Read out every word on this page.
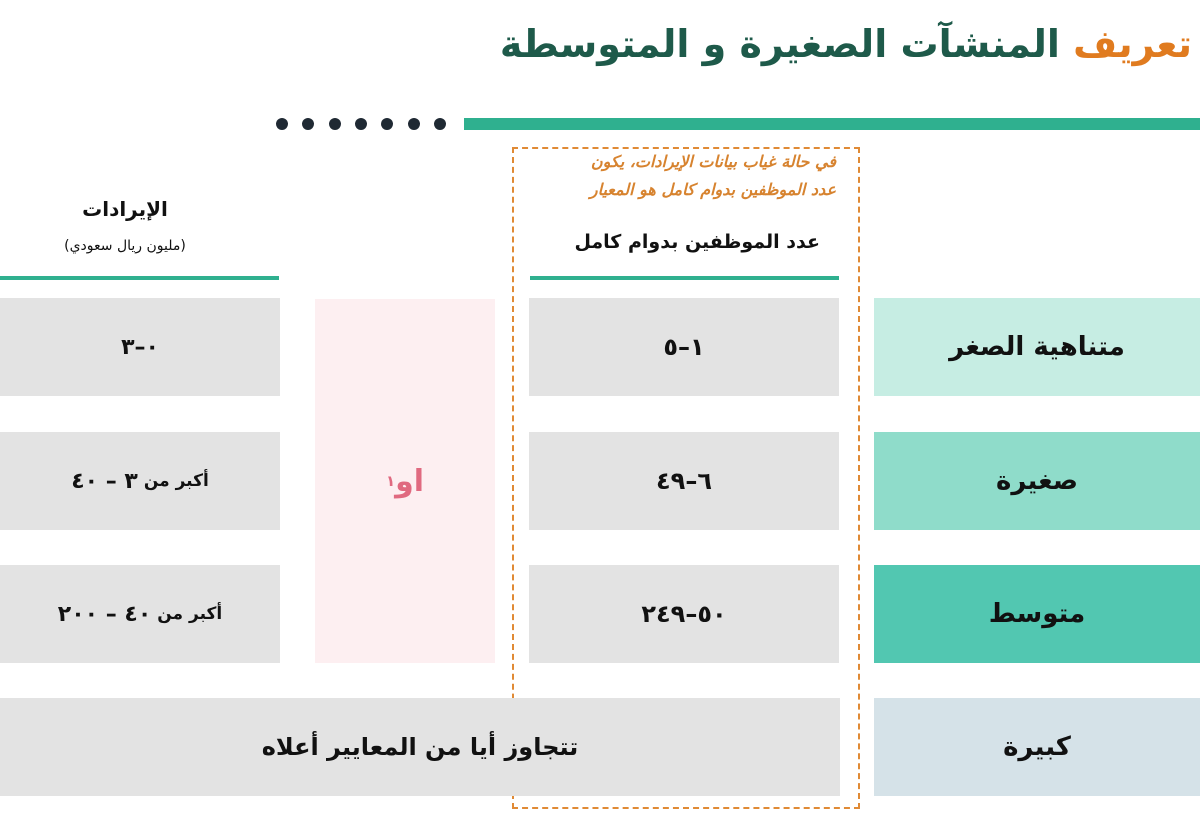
تعريف المنشآت الصغيرة و المتوسطة
في حالة غياب بيانات الإيرادات، يكون
عدد الموظفين بدوام كامل هو المعيار
عدد الموظفين بدوام كامل
الإيرادات
(مليون ريال سعودي)
متناهية الصغر
١–٥
٠–٣
صغيرة
٦–٤٩
أكبر من
٣ – ٤٠
متوسط
٥٠–٢٤٩
أكبر من
٤٠ – ٢٠٠
او
١
كبيرة
تتجاوز أيا من المعايير أعلاه
